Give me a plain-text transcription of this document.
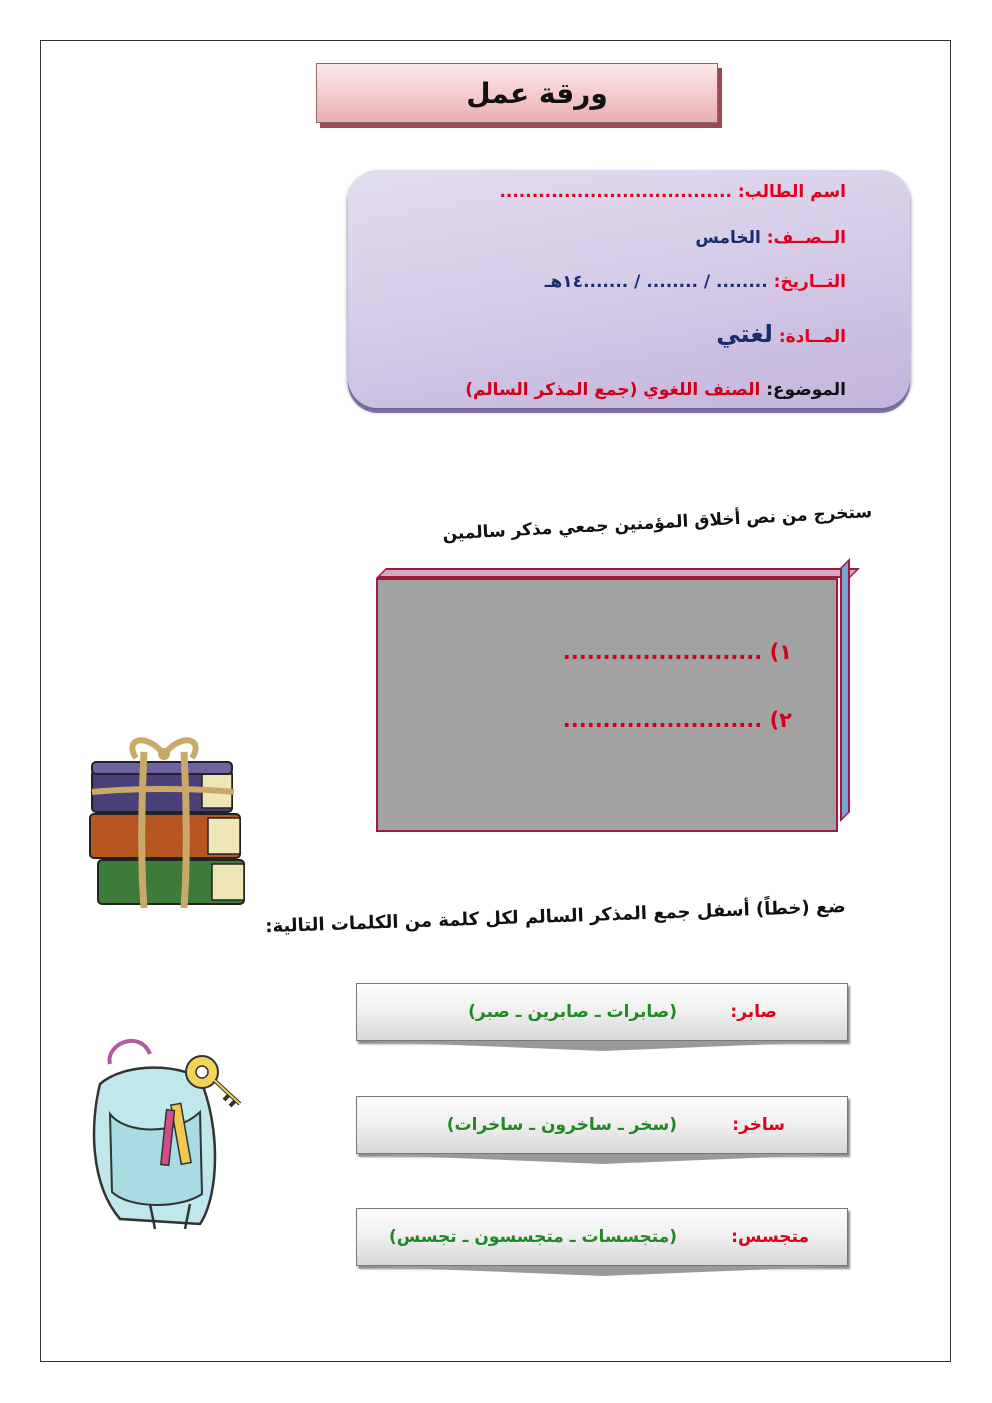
ورقة عمل
اسم الطالب: ....................................
الــصــف: الخامس
التــاريخ: ........ / ........ / .......١٤هـ
المــادة: لغتي
الموضوع: الصنف اللغوي (جمع المذكر السالم)
ستخرج من نص أخلاق المؤمنين جمعي مذكر سالمين
١) .........................
٢) .........................
ضع (خطاً) أسفل جمع المذكر السالم لكل كلمة من الكلمات التالية:
صابر:
(صابرات ـ صابرين ـ صبر)
ساخر:
(سخر ـ ساخرون ـ ساخرات)
متجسس:
(متجسسات ـ متجسسون ـ تجسس)
